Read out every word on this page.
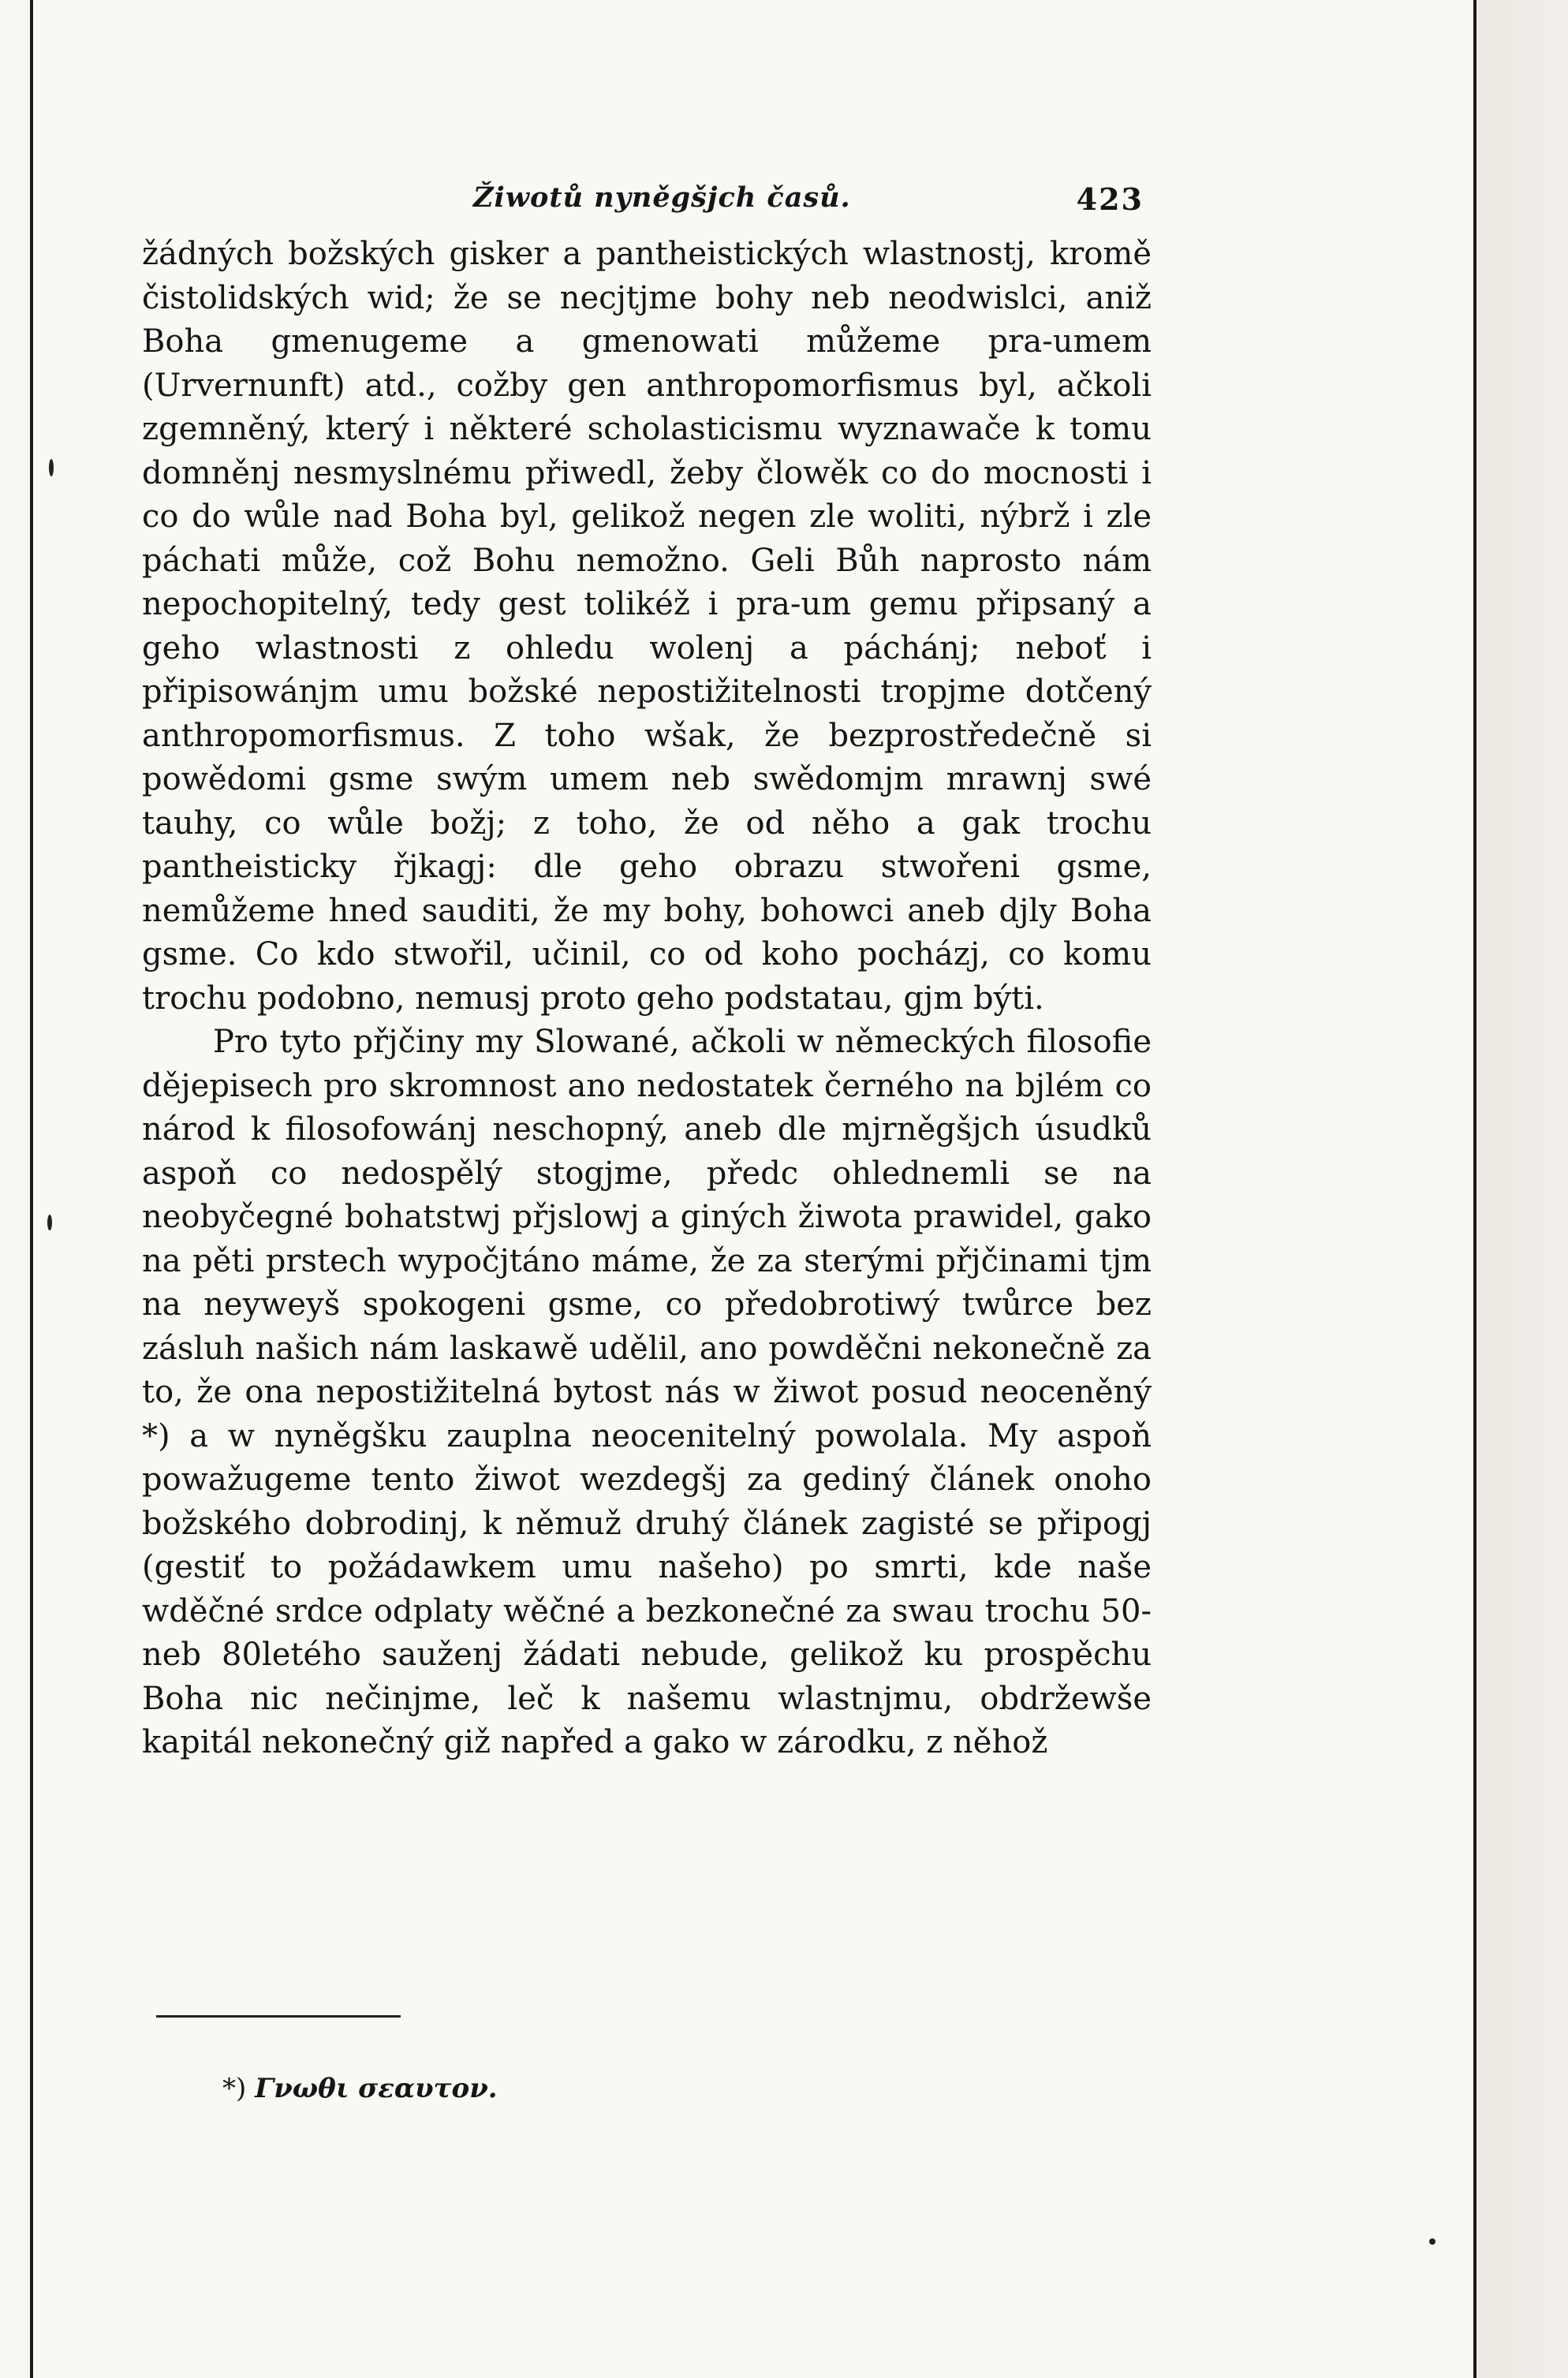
Žiwotů nyněgšjch časů.	423

žádných božských gisker a pantheistických wlastnostj, kromě čistolidských wid; že se necjtjme bohy neb neodwislci, aniž Boha gmenugeme a gmenowati můžeme pra-umem (Urvernunft) atd., cožby gen anthropomorfismus byl, ačkoli zgemněný, který i některé scholasticismu wyznawače k tomu domněnj nesmyslnému přiwedl, žeby člowěk co do mocnosti i co do wůle nad Boha byl, gelikož negen zle woliti, nýbrž i zle páchati může, což Bohu nemožno. Geli Bůh naprosto nám nepochopitelný, tedy gest tolikéž i pra-um gemu připsaný a geho wlastnosti z ohledu wolenj a páchánj; neboť i připisowánjm umu božské nepostižitelnosti tropjme dotčený anthropomorfismus. Z toho wšak, že bezprostředečně si powědomi gsme swým umem neb swědomjm mrawnj swé tauhy, co wůle božj; z toho, že od něho a gak trochu pantheisticky řjkagj: dle geho obrazu stwořeni gsme, nemůžeme hned sauditi, že my bohy, bohowci aneb djly Boha gsme. Co kdo stwořil, učinil, co od koho pocházj, co komu trochu podobno, nemusj proto geho podstatau, gjm býti.

Pro tyto přjčiny my Slowané, ačkoli w německých filosofie dějepisech pro skromnost ano nedostatek černého na bjlém co národ k filosofowánj neschopný, aneb dle mjrněgšjch úsudků aspoň co nedospělý stogjme, předc ohlednemli se na neobyčegné bohatstwj přjslowj a giných žiwota prawidel, gako na pěti prstech wypočjtáno máme, že za sterými přjčinami tjm na neyweyš spokogeni gsme, co předobrotiwý twůrce bez zásluh našich nám laskawě udělil, ano powděčni nekonečně za to, že ona nepostižitelná bytost nás w žiwot posud neoceněný *) a w nyněgšku zauplna neocenitelný powolala. My aspoň powažugeme tento žiwot wezdegšj za gediný článek onoho božského dobrodinj, k němuž druhý článek zagisté se připogj (gestiť to požádawkem umu našeho) po smrti, kde naše wděčné srdce odplaty wěčné a bezkonečné za swau trochu 50- neb 80letého sauženj žádati nebude, gelikož ku prospěchu Boha nic nečinjme, leč k našemu wlastnjmu, obdržewše kapitál nekonečný giž napřed a gako w zárodku, z něhož

*) Γνωθι σεαυτον.
